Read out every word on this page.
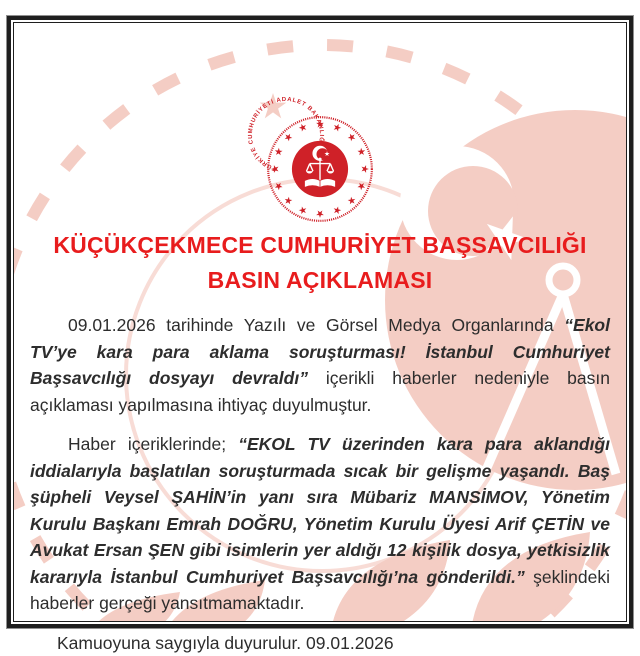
KÜÇÜKÇEKMECE CUMHURİYET BAŞSAVCILIĞI
BASIN AÇIKLAMASI

09.01.2026 tarihinde Yazılı ve Görsel Medya Organlarında “Ekol TV’ye kara para aklama soruşturması! İstanbul Cumhuriyet Başsavcılığı dosyayı devraldı” içerikli haberler nedeniyle basın açıklaması yapılmasına ihtiyaç duyulmuştur.

Haber içeriklerinde; “EKOL TV üzerinden kara para aklandığı iddialarıyla başlatılan soruşturmada sıcak bir gelişme yaşandı. Baş şüpheli Veysel ŞAHİN’in yanı sıra Mübariz MANSİMOV, Yönetim Kurulu Başkanı Emrah DOĞRU, Yönetim Kurulu Üyesi Arif ÇETİN ve Avukat Ersan ŞEN gibi isimlerin yer aldığı 12 kişilik dosya, yetkisizlik kararıyla İstanbul Cumhuriyet Başsavcılığı’na gönderildi.” şeklindeki haberler gerçeği yansıtmamaktadır.

Kamuoyuna saygıyla duyurulur. 09.01.2026
